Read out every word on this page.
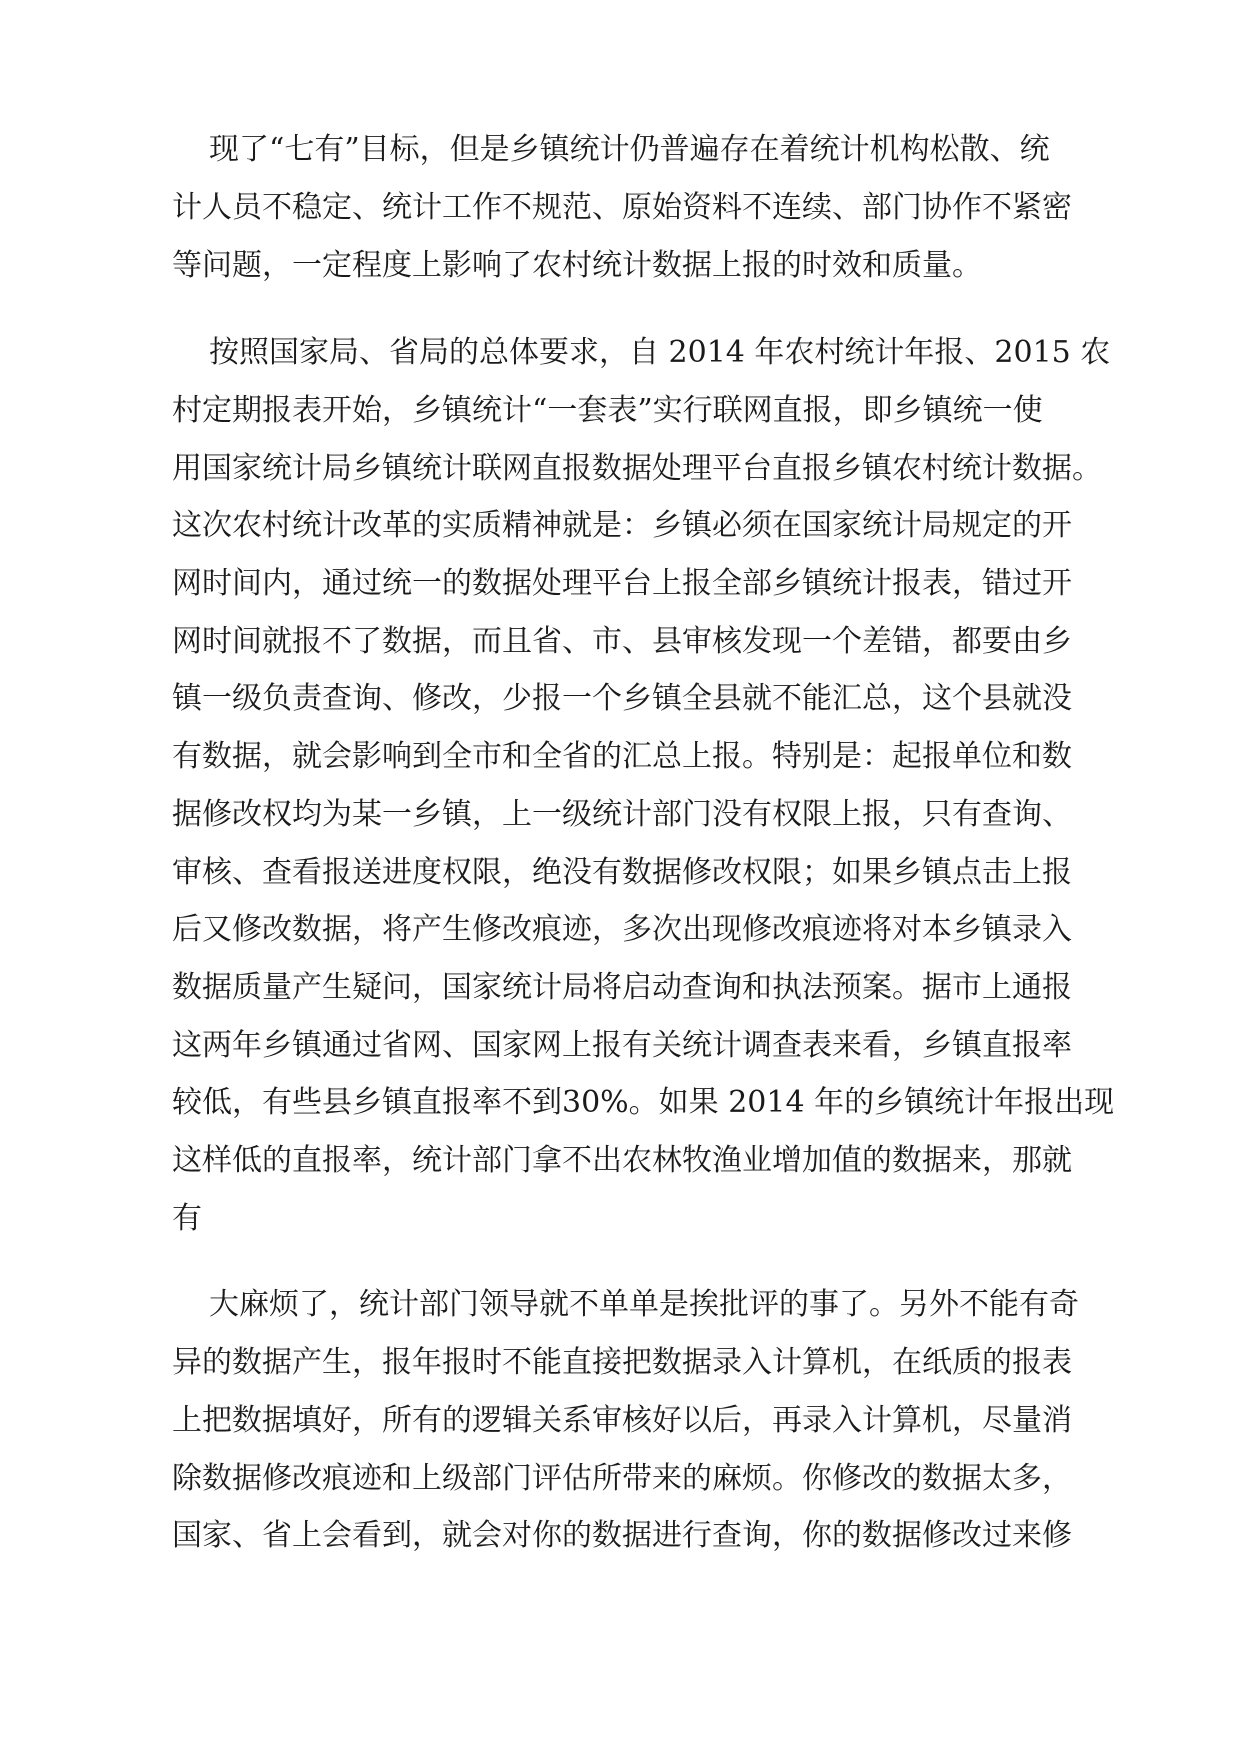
现了“七有”目标，但是乡镇统计仍普遍存在着统计机构松散、统

计人员不稳定、统计工作不规范、原始资料不连续、部门协作不紧密

等问题，一定程度上影响了农村统计数据上报的时效和质量。

按照国家局、省局的总体要求，自 2014 年农村统计年报、2015 农

村定期报表开始，乡镇统计“一套表”实行联网直报，即乡镇统一使

用国家统计局乡镇统计联网直报数据处理平台直报乡镇农村统计数据。

这次农村统计改革的实质精神就是：乡镇必须在国家统计局规定的开

网时间内，通过统一的数据处理平台上报全部乡镇统计报表，错过开

网时间就报不了数据，而且省、市、县审核发现一个差错，都要由乡

镇一级负责查询、修改，少报一个乡镇全县就不能汇总，这个县就没

有数据，就会影响到全市和全省的汇总上报。特别是：起报单位和数

据修改权均为某一乡镇，上一级统计部门没有权限上报，只有查询、

审核、查看报送进度权限，绝没有数据修改权限；如果乡镇点击上报

后又修改数据，将产生修改痕迹，多次出现修改痕迹将对本乡镇录入

数据质量产生疑问，国家统计局将启动查询和执法预案。据市上通报

这两年乡镇通过省网、国家网上报有关统计调查表来看，乡镇直报率

较低，有些县乡镇直报率不到30%。如果 2014 年的乡镇统计年报出现

这样低的直报率，统计部门拿不出农林牧渔业增加值的数据来，那就

有

大麻烦了，统计部门领导就不单单是挨批评的事了。另外不能有奇

异的数据产生，报年报时不能直接把数据录入计算机，在纸质的报表

上把数据填好，所有的逻辑关系审核好以后，再录入计算机，尽量消

除数据修改痕迹和上级部门评估所带来的麻烦。你修改的数据太多，

国家、省上会看到，就会对你的数据进行查询，你的数据修改过来修
